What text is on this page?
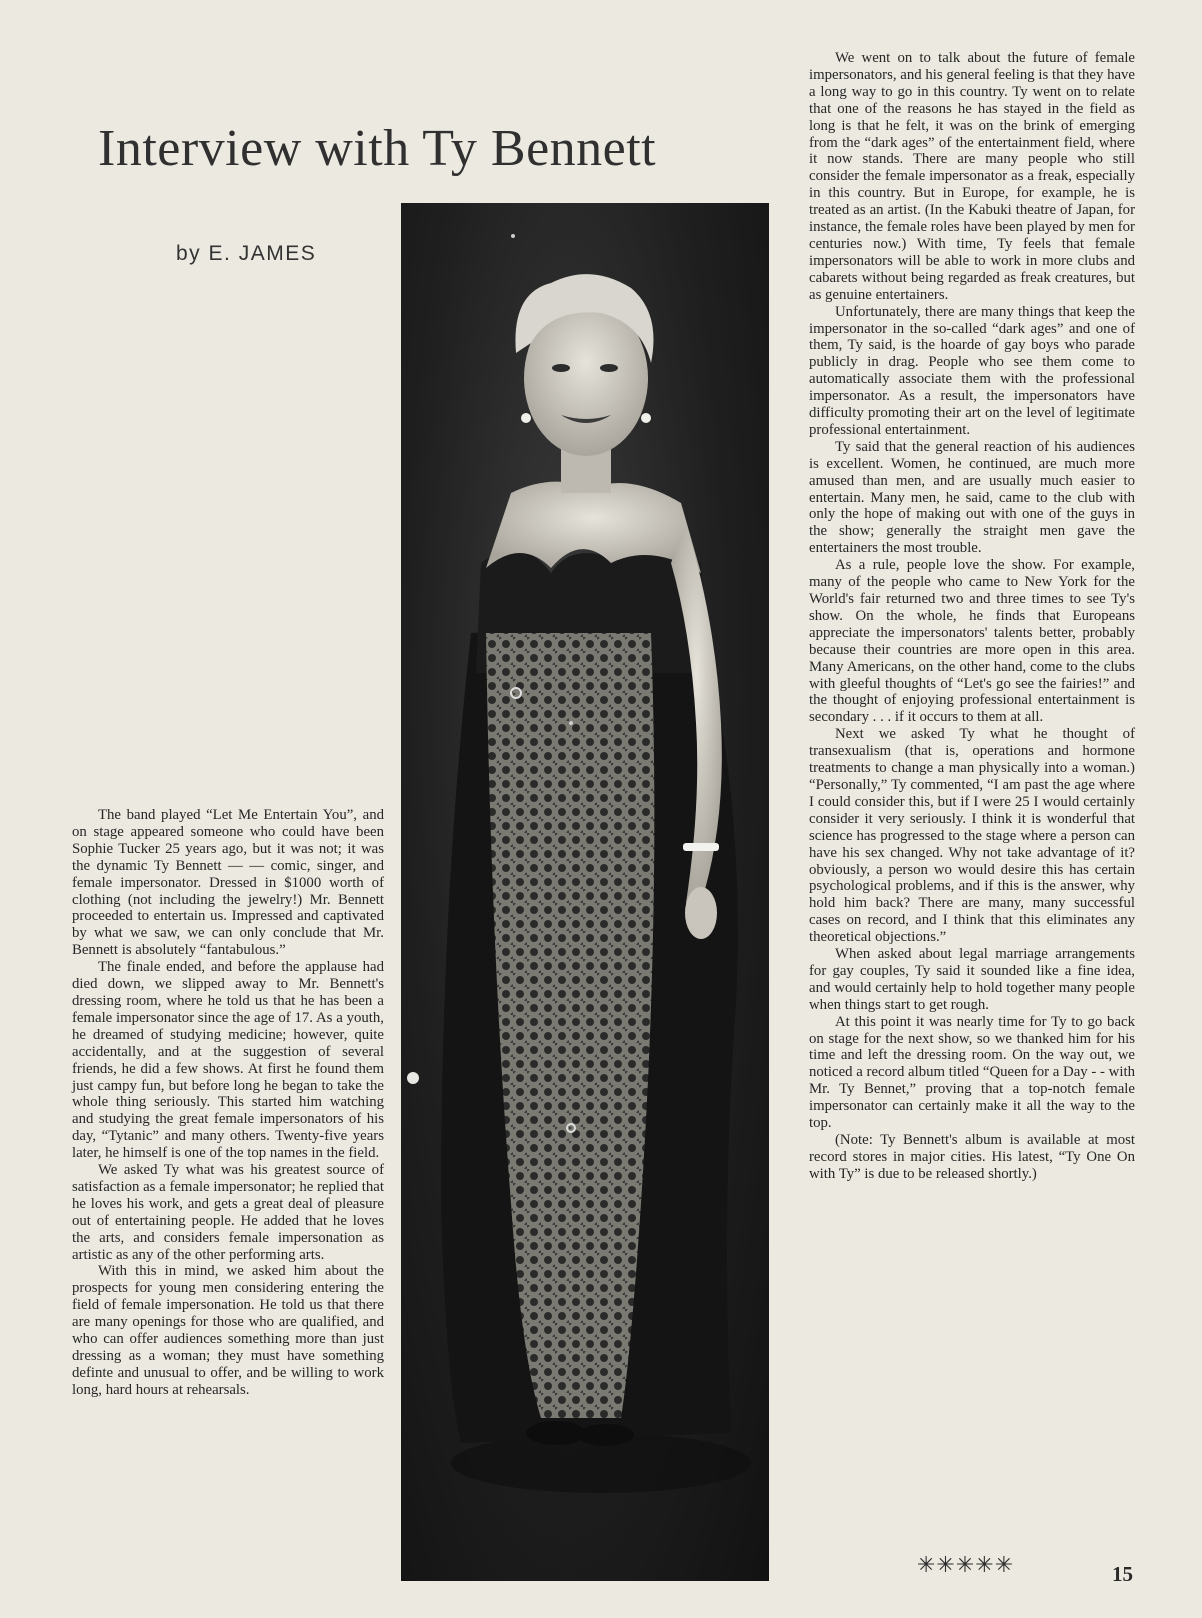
Interview with Ty Bennett
by E. JAMES

The band played “Let Me Entertain You”, and on stage appeared someone who could have been Sophie Tucker 25 years ago, but it was not; it was the dynamic Ty Bennett — — comic, singer, and female impersonator. Dressed in $1000 worth of clothing (not including the jewelry!) Mr. Bennett proceeded to entertain us. Impressed and captivated by what we saw, we can only conclude that Mr. Bennett is absolutely “fantabulous.”

The finale ended, and before the applause had died down, we slipped away to Mr. Bennett's dressing room, where he told us that he has been a female impersonator since the age of 17. As a youth, he dreamed of studying medicine; however, quite accidentally, and at the suggestion of several friends, he did a few shows. At first he found them just campy fun, but before long he began to take the whole thing seriously. This started him watching and studying the great female impersonators of his day, “Tytanic” and many others. Twenty-five years later, he himself is one of the top names in the field.

We asked Ty what was his greatest source of satisfaction as a female impersonator; he replied that he loves his work, and gets a great deal of pleasure out of entertaining people. He added that he loves the arts, and considers female impersonation as artistic as any of the other performing arts.

With this in mind, we asked him about the prospects for young men considering entering the field of female impersonation. He told us that there are many openings for those who are qualified, and who can offer audiences something more than just dressing as a woman; they must have something definte and unusual to offer, and be willing to work long, hard hours at rehearsals.

We went on to talk about the future of female impersonators, and his general feeling is that they have a long way to go in this country. Ty went on to relate that one of the reasons he has stayed in the field as long is that he felt, it was on the brink of emerging from the “dark ages” of the entertainment field, where it now stands. There are many people who still consider the female impersonator as a freak, especially in this country. But in Europe, for example, he is treated as an artist. (In the Kabuki theatre of Japan, for instance, the female roles have been played by men for centuries now.) With time, Ty feels that female impersonators will be able to work in more clubs and cabarets without being regarded as freak creatures, but as genuine entertainers.

Unfortunately, there are many things that keep the impersonator in the so-called “dark ages” and one of them, Ty said, is the hoarde of gay boys who parade publicly in drag. People who see them come to automatically associate them with the professional impersonator. As a result, the impersonators have difficulty promoting their art on the level of legitimate professional entertainment.

Ty said that the general reaction of his audiences is excellent. Women, he continued, are much more amused than men, and are usually much easier to entertain. Many men, he said, came to the club with only the hope of making out with one of the guys in the show; generally the straight men gave the entertainers the most trouble.

As a rule, people love the show. For example, many of the people who came to New York for the World's fair returned two and three times to see Ty's show. On the whole, he finds that Europeans appreciate the impersonators' talents better, probably because their countries are more open in this area. Many Americans, on the other hand, come to the clubs with gleeful thoughts of “Let's go see the fairies!” and the thought of enjoying professional entertainment is secondary . . . if it occurs to them at all.

Next we asked Ty what he thought of transexualism (that is, operations and hormone treatments to change a man physically into a woman.) “Personally,” Ty commented, “I am past the age where I could consider this, but if I were 25 I would certainly consider it very seriously. I think it is wonderful that science has progressed to the stage where a person can have his sex changed. Why not take advantage of it? obviously, a person wo would desire this has certain psychological problems, and if this is the answer, why hold him back? There are many, many successful cases on record, and I think that this eliminates any theoretical objections.”

When asked about legal marriage arrangements for gay couples, Ty said it sounded like a fine idea, and would certainly help to hold together many people when things start to get rough.

At this point it was nearly time for Ty to go back on stage for the next show, so we thanked him for his time and left the dressing room. On the way out, we noticed a record album titled “Queen for a Day - - with Mr. Ty Bennet,” proving that a top-notch female impersonator can certainly make it all the way to the top.

(Note: Ty Bennett's album is available at most record stores in major cities. His latest, “Ty One On with Ty” is due to be released shortly.)

✳✳✳✳✳	15
